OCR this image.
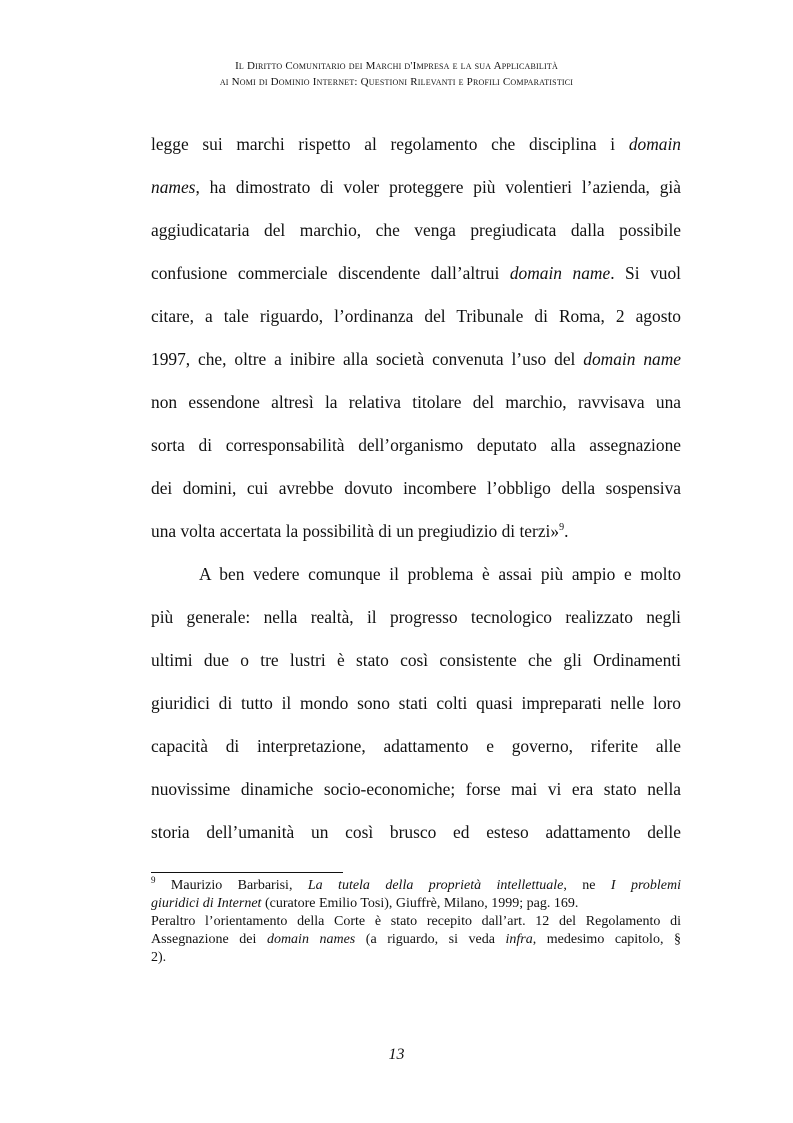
Il Diritto Comunitario dei Marchi d'Impresa e la sua Applicabilità
ai Nomi di Dominio Internet: Questioni Rilevanti e Profili Comparatistici
legge sui marchi rispetto al regolamento che disciplina i domain
names, ha dimostrato di voler proteggere più volentieri l’azienda, già
aggiudicataria del marchio, che venga pregiudicata dalla possibile
confusione commerciale discendente dall’altrui domain name. Si vuol
citare, a tale riguardo, l’ordinanza del Tribunale di Roma, 2 agosto
1997, che, oltre a inibire alla società convenuta l’uso del domain name
non essendone altresì la relativa titolare del marchio, ravvisava una
sorta di corresponsabilità dell’organismo deputato alla assegnazione
dei domini, cui avrebbe dovuto incombere l’obbligo della sospensiva
una volta accertata la possibilità di un pregiudizio di terzi»$^9$.
A ben vedere comunque il problema è assai più ampio e molto
più generale: nella realtà, il progresso tecnologico realizzato negli
ultimi due o tre lustri è stato così consistente che gli Ordinamenti
giuridici di tutto il mondo sono stati colti quasi impreparati nelle loro
capacità di interpretazione, adattamento e governo, riferite alle
nuovissime dinamiche socio-economiche; forse mai vi era stato nella
storia dell’umanità un così brusco ed esteso adattamento delle
$^9$ Maurizio Barbarisi, La tutela della proprietà intellettuale, ne I problemi
giuridici di Internet (curatore Emilio Tosi), Giuffrè, Milano, 1999; pag. 169.
Peraltro l’orientamento della Corte è stato recepito dall’art. 12 del Regolamento di
Assegnazione dei domain names (a riguardo, si veda infra, medesimo capitolo, §
2).
13
